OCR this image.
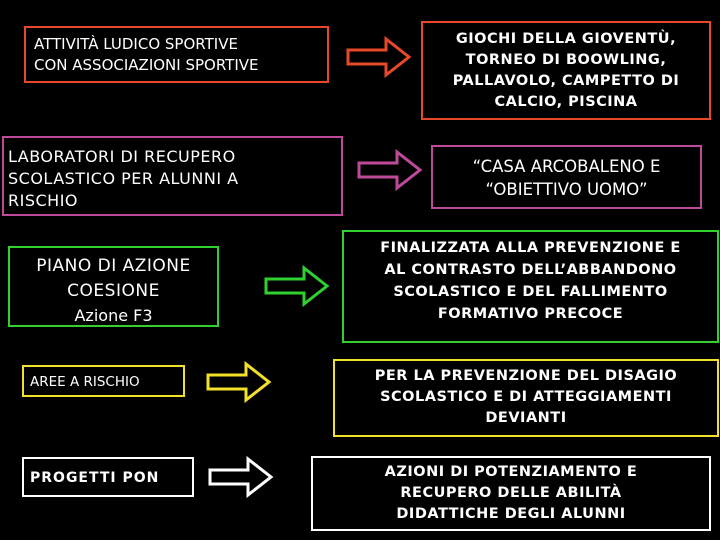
ATTIVITÀ LUDICO SPORTIVE
CON ASSOCIAZIONI SPORTIVE
GIOCHI DELLA GIOVENTÙ,
TORNEO DI BOOWLING,
PALLAVOLO, CAMPETTO DI
CALCIO, PISCINA
LABORATORI DI RECUPERO
SCOLASTICO PER ALUNNI A
RISCHIO
“CASA ARCOBALENO E
“OBIETTIVO UOMO”
PIANO DI AZIONE
COESIONE
Azione F3
FINALIZZATA ALLA PREVENZIONE E
AL CONTRASTO DELL’ABBANDONO
SCOLASTICO E DEL FALLIMENTO
FORMATIVO PRECOCE
AREE A RISCHIO	PER LA PREVENZIONE DEL DISAGIO
SCOLASTICO E DI ATTEGGIAMENTI
DEVIANTI
PROGETTI PON	AZIONI DI POTENZIAMENTO E
RECUPERO DELLE ABILITÀ
DIDATTICHE DEGLI ALUNNI
